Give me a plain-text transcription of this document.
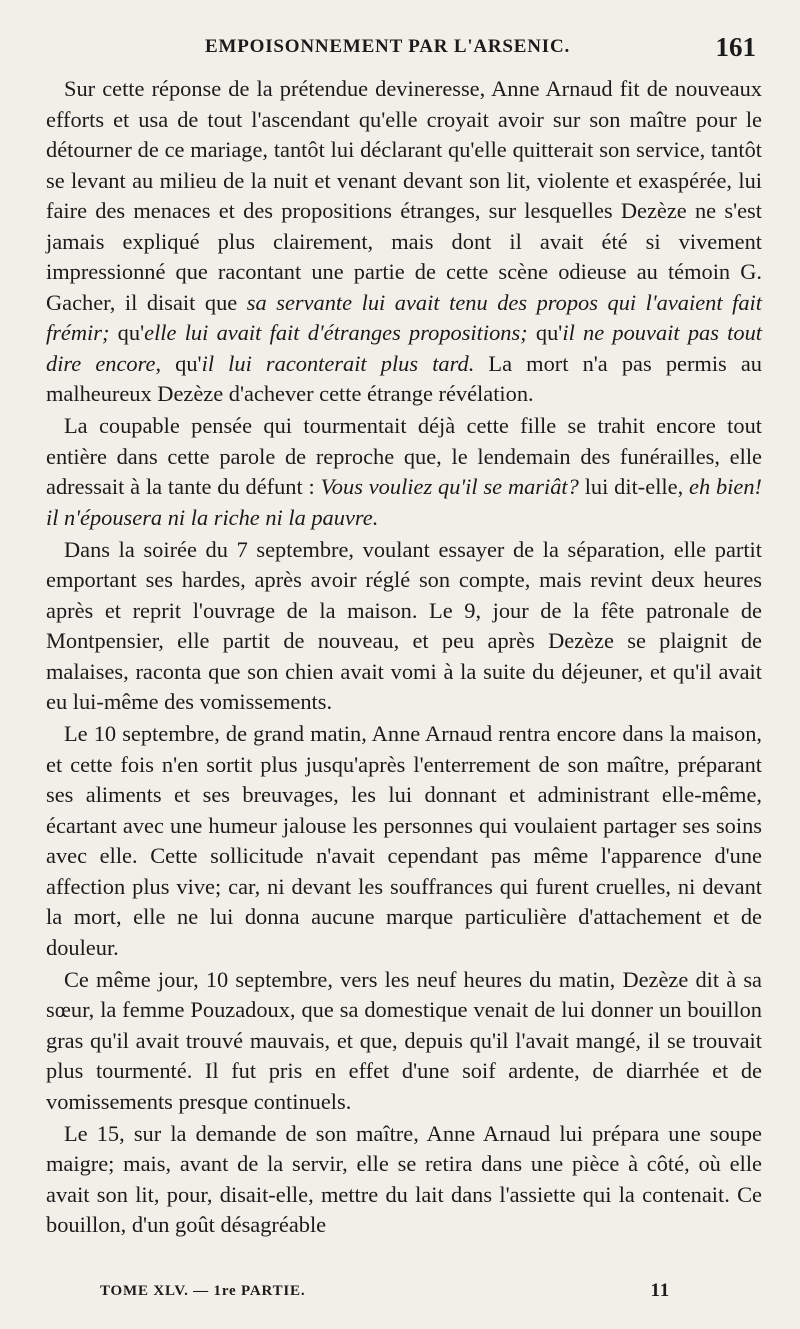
EMPOISONNEMENT PAR L'ARSENIC.	161

Sur cette réponse de la prétendue devineresse, Anne Arnaud fit de nouveaux efforts et usa de tout l'ascendant qu'elle croyait avoir sur son maître pour le détourner de ce mariage, tantôt lui déclarant qu'elle quitterait son service, tantôt se levant au milieu de la nuit et venant devant son lit, violente et exaspérée, lui faire des menaces et des propositions étranges, sur lesquelles Dezèze ne s'est jamais expliqué plus clairement, mais dont il avait été si vivement impressionné que racontant une partie de cette scène odieuse au témoin G. Gacher, il disait que sa servante lui avait tenu des propos qui l'avaient fait frémir; qu'elle lui avait fait d'étranges propositions; qu'il ne pouvait pas tout dire encore, qu'il lui raconterait plus tard. La mort n'a pas permis au malheureux Dezèze d'achever cette étrange révélation.

La coupable pensée qui tourmentait déjà cette fille se trahit encore tout entière dans cette parole de reproche que, le lendemain des funérailles, elle adressait à la tante du défunt : Vous vouliez qu'il se mariât? lui dit-elle, eh bien! il n'épousera ni la riche ni la pauvre.

Dans la soirée du 7 septembre, voulant essayer de la séparation, elle partit emportant ses hardes, après avoir réglé son compte, mais revint deux heures après et reprit l'ouvrage de la maison. Le 9, jour de la fête patronale de Montpensier, elle partit de nouveau, et peu après Dezèze se plaignit de malaises, raconta que son chien avait vomi à la suite du déjeuner, et qu'il avait eu lui-même des vomissements.

Le 10 septembre, de grand matin, Anne Arnaud rentra encore dans la maison, et cette fois n'en sortit plus jusqu'après l'enterrement de son maître, préparant ses aliments et ses breuvages, les lui donnant et administrant elle-même, écartant avec une humeur jalouse les personnes qui voulaient partager ses soins avec elle. Cette sollicitude n'avait cependant pas même l'apparence d'une affection plus vive; car, ni devant les souffrances qui furent cruelles, ni devant la mort, elle ne lui donna aucune marque particulière d'attachement et de douleur.

Ce même jour, 10 septembre, vers les neuf heures du matin, Dezèze dit à sa sœur, la femme Pouzadoux, que sa domestique venait de lui donner un bouillon gras qu'il avait trouvé mauvais, et que, depuis qu'il l'avait mangé, il se trouvait plus tourmenté. Il fut pris en effet d'une soif ardente, de diarrhée et de vomissements presque continuels.

Le 15, sur la demande de son maître, Anne Arnaud lui prépara une soupe maigre; mais, avant de la servir, elle se retira dans une pièce à côté, où elle avait son lit, pour, disait-elle, mettre du lait dans l'assiette qui la contenait. Ce bouillon, d'un goût désagréable

TOME XLV. — 1re PARTIE.	11
